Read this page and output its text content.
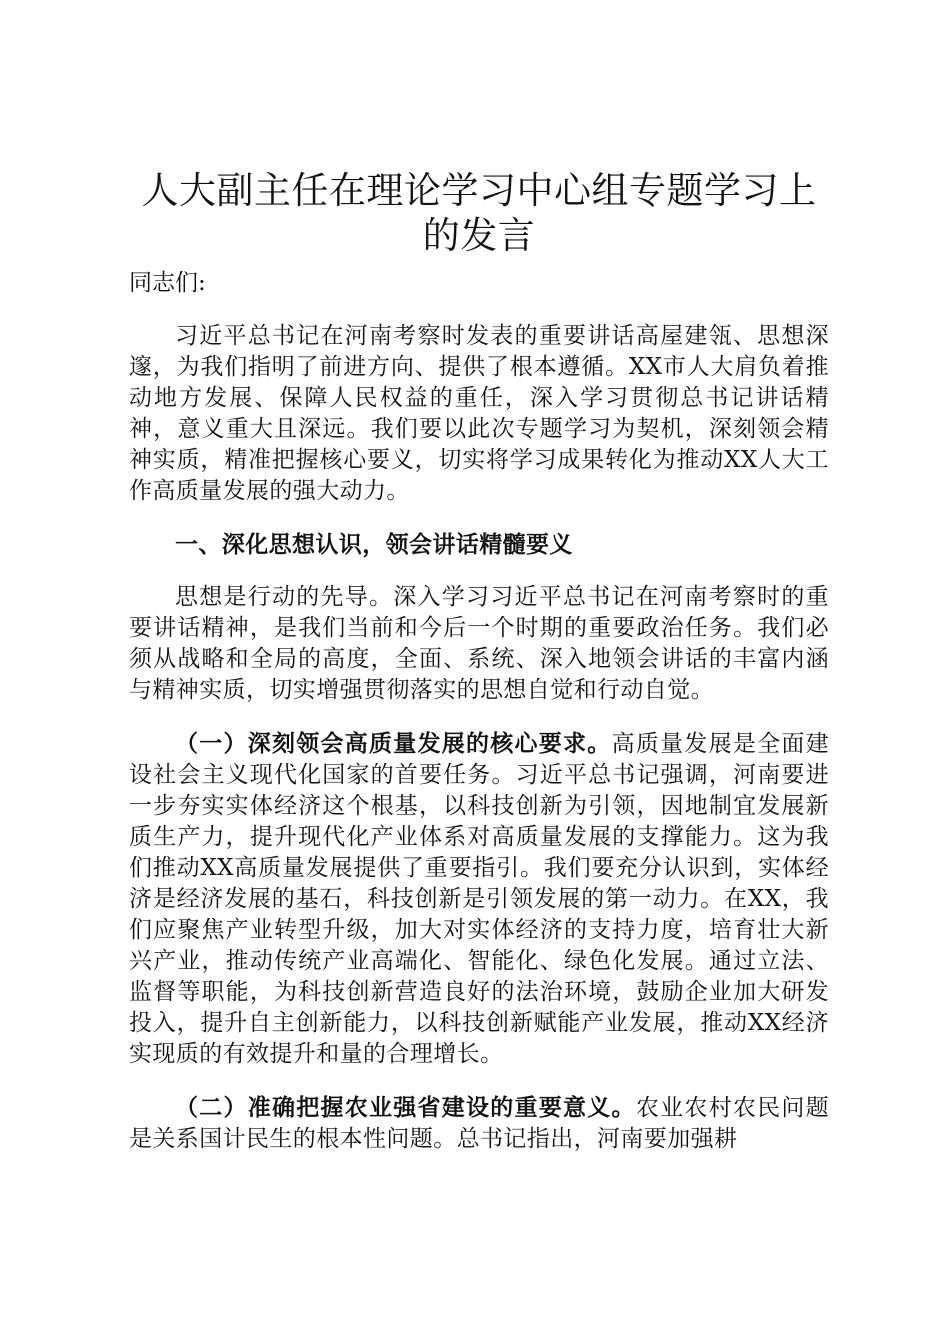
人大副主任在理论学习中心组专题学习上的发言

同志们:

习近平总书记在河南考察时发表的重要讲话高屋建瓴、思想深邃，为我们指明了前进方向、提供了根本遵循。XX市人大肩负着推动地方发展、保障人民权益的重任，深入学习贯彻总书记讲话精神，意义重大且深远。我们要以此次专题学习为契机，深刻领会精神实质，精准把握核心要义，切实将学习成果转化为推动XX人大工作高质量发展的强大动力。

一、深化思想认识，领会讲话精髓要义

思想是行动的先导。深入学习习近平总书记在河南考察时的重要讲话精神，是我们当前和今后一个时期的重要政治任务。我们必须从战略和全局的高度，全面、系统、深入地领会讲话的丰富内涵与精神实质，切实增强贯彻落实的思想自觉和行动自觉。

（一）深刻领会高质量发展的核心要求。高质量发展是全面建设社会主义现代化国家的首要任务。习近平总书记强调，河南要进一步夯实实体经济这个根基，以科技创新为引领，因地制宜发展新质生产力，提升现代化产业体系对高质量发展的支撑能力。这为我们推动XX高质量发展提供了重要指引。我们要充分认识到，实体经济是经济发展的基石，科技创新是引领发展的第一动力。在XX，我们应聚焦产业转型升级，加大对实体经济的支持力度，培育壮大新兴产业，推动传统产业高端化、智能化、绿色化发展。通过立法、监督等职能，为科技创新营造良好的法治环境，鼓励企业加大研发投入，提升自主创新能力，以科技创新赋能产业发展，推动XX经济实现质的有效提升和量的合理增长。

（二）准确把握农业强省建设的重要意义。农业农村农民问题是关系国计民生的根本性问题。总书记指出，河南要加强耕
